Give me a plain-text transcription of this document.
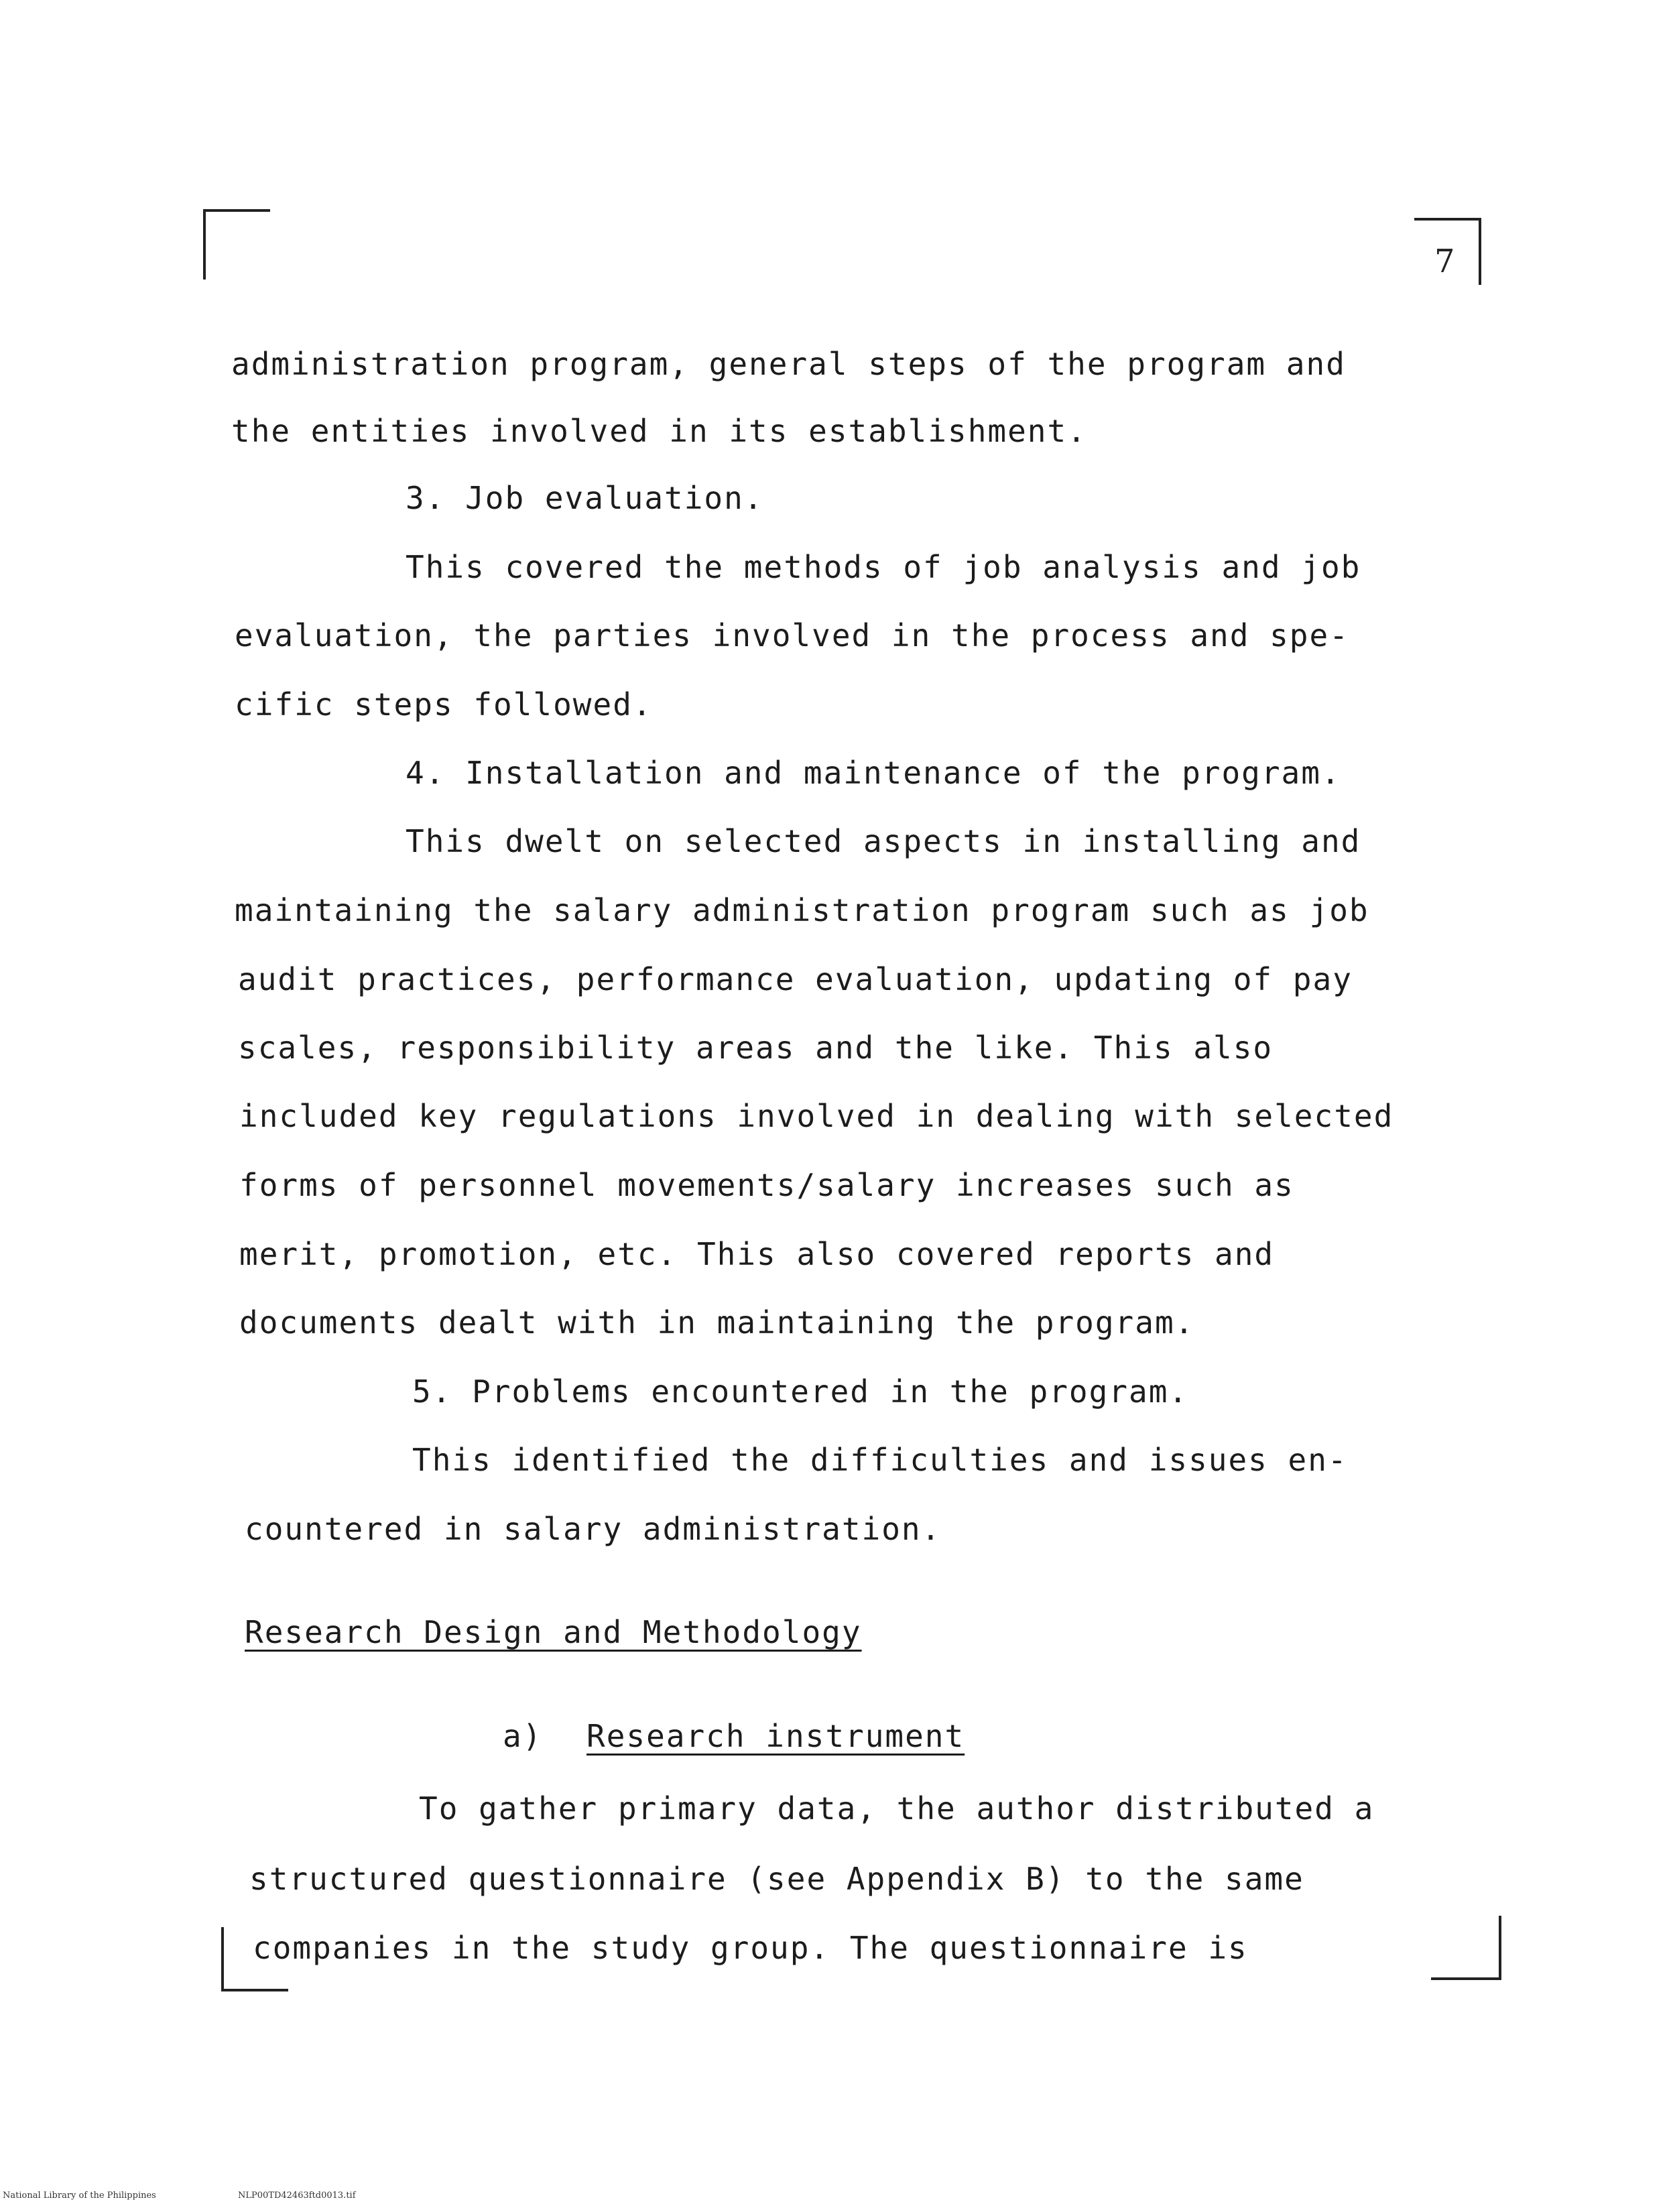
7
administration program, general steps of the program and
the entities involved in its establishment.
3. Job evaluation.
This covered the methods of job analysis and job
evaluation, the parties involved in the process and spe-
cific steps followed.
4. Installation and maintenance of the program.
This dwelt on selected aspects in installing and
maintaining the salary administration program such as job
audit practices, performance evaluation, updating of pay
scales, responsibility areas and the like. This also
included key regulations involved in dealing with selected
forms of personnel movements/salary increases such as
merit, promotion, etc. This also covered reports and
documents dealt with in maintaining the program.
5. Problems encountered in the program.
This identified the difficulties and issues en-
countered in salary administration.
Research Design and Methodology
a) Research instrument
To gather primary data, the author distributed a
structured questionnaire (see Appendix B) to the same
companies in the study group. The questionnaire is
National Library of the Philippines	NLP00TD42463ftd0013.tif
